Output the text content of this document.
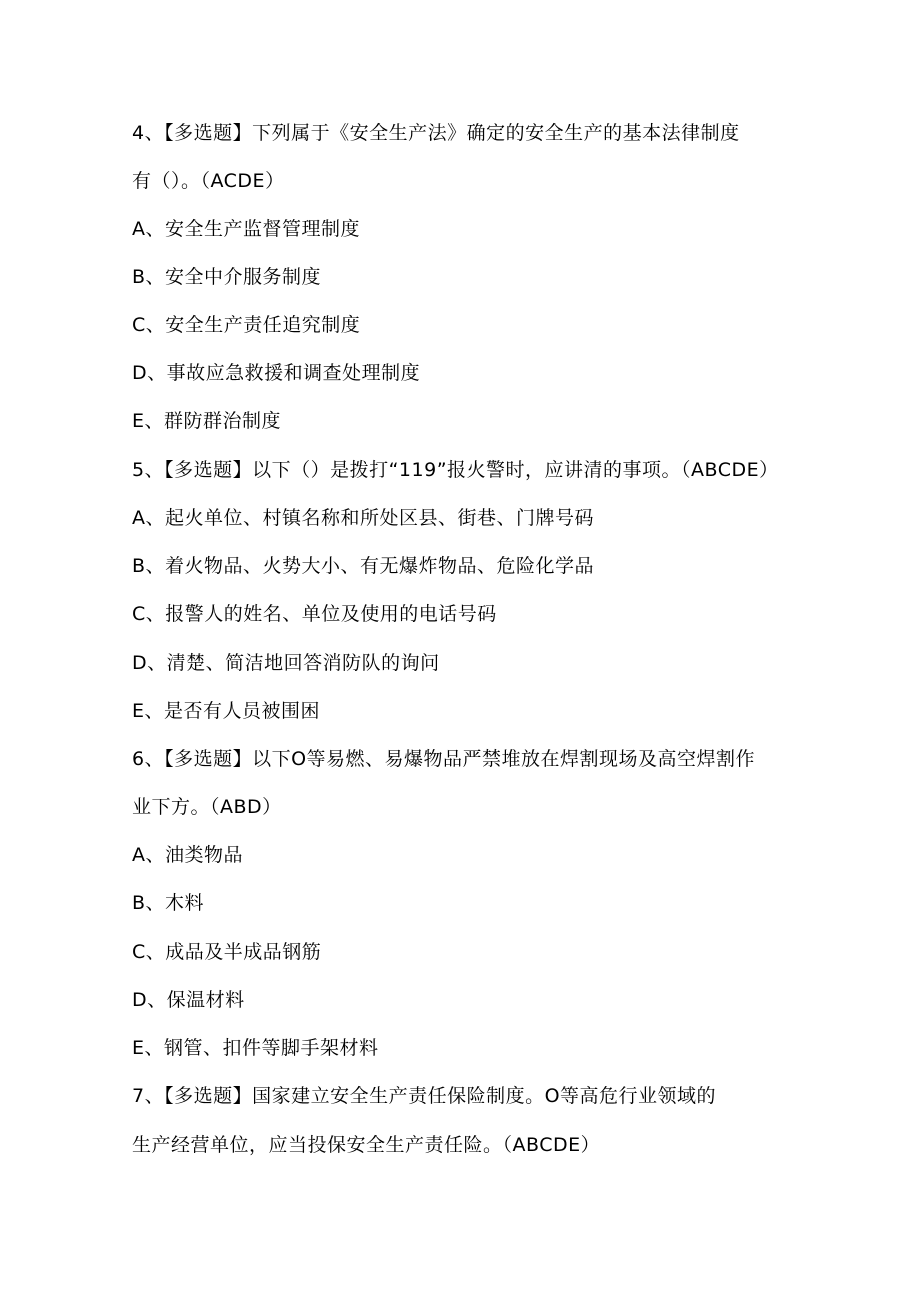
4、【多选题】下列属于《安全生产法》确定的安全生产的基本法律制度
有（）。（ACDE）
A、安全生产监督管理制度
B、安全中介服务制度
C、安全生产责任追究制度
D、事故应急救援和调查处理制度
E、群防群治制度
5、【多选题】以下（）是拨打“119”报火警时，应讲清的事项。（ABCDE）
A、起火单位、村镇名称和所处区县、街巷、门牌号码
B、着火物品、火势大小、有无爆炸物品、危险化学品
C、报警人的姓名、单位及使用的电话号码
D、清楚、简洁地回答消防队的询问
E、是否有人员被围困
6、【多选题】以下O等易燃、易爆物品严禁堆放在焊割现场及高空焊割作
业下方。（ABD）
A、油类物品
B、木料
C、成品及半成品钢筋
D、保温材料
E、钢管、扣件等脚手架材料
7、【多选题】国家建立安全生产责任保险制度。O等高危行业领域的
生产经营单位，应当投保安全生产责任险。（ABCDE）
